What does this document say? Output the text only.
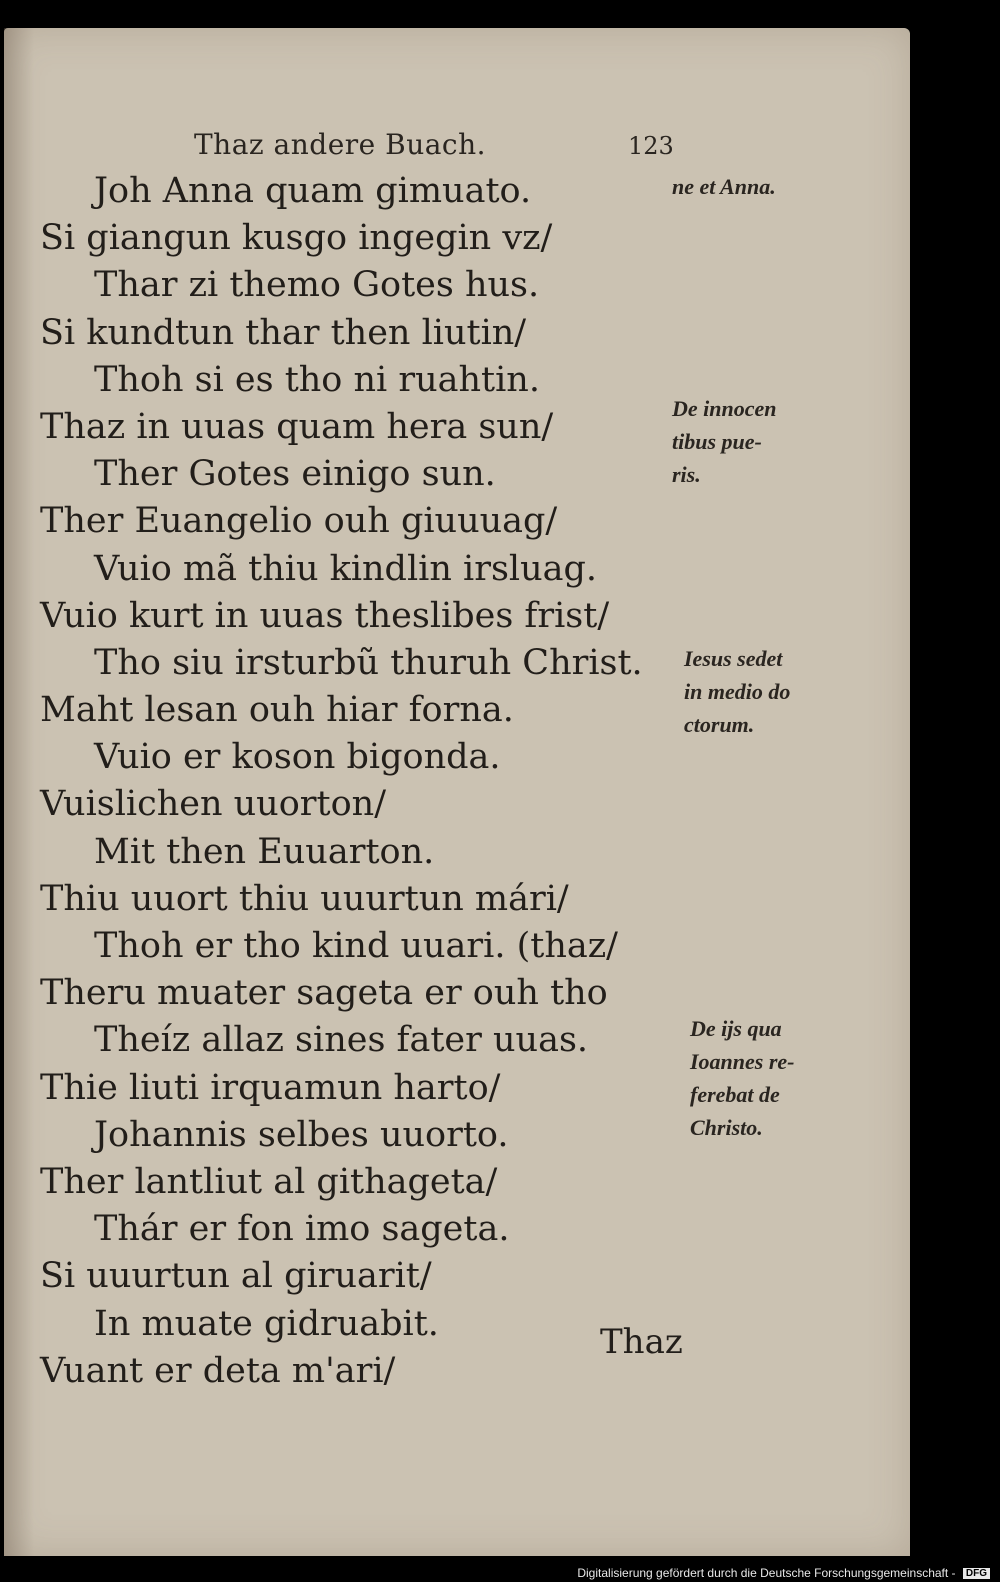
Thaz andere Buach.	123
Joh Anna quam gimuato.
Si giangun kusgo ingegin vz/
Thar zi themo Gotes hus.
Si kundtun thar then liutin/
Thoh si es tho ni ruahtin.
Thaz in uuas quam hera sun/
Ther Gotes einigo sun.
Ther Euangelio ouh giuuuag/
Vuio mã thiu kindlin irsluag.
Vuio kurt in uuas theslibes frist/
Tho siu irsturbũ thuruh Christ.
Maht lesan ouh hiar forna.
Vuio er koson bigonda.
Vuislichen uuorton/
Mit then Euuarton.
Thiu uuort thiu uuurtun mári/
Thoh er tho kind uuari. (thaz/
Theru muater sageta er ouh tho
Theíz allaz sines fater uuas.
Thie liuti irquamun harto/
Johannis selbes uuorto.
Ther lantliut al githageta/
Thár er fon imo sageta.
Si uuurtun al giruarit/
In muate gidruabit.
Vuant er deta m'ari/
ne et Anna.
De innocen
tibus pue-
ris.
Iesus sedet
in medio do
ctorum.
De ijs qua
Ioannes re-
ferebat de
Christo.
Thaz
Digitalisierung gefördert durch die Deutsche Forschungsgemeinschaft - DFG
